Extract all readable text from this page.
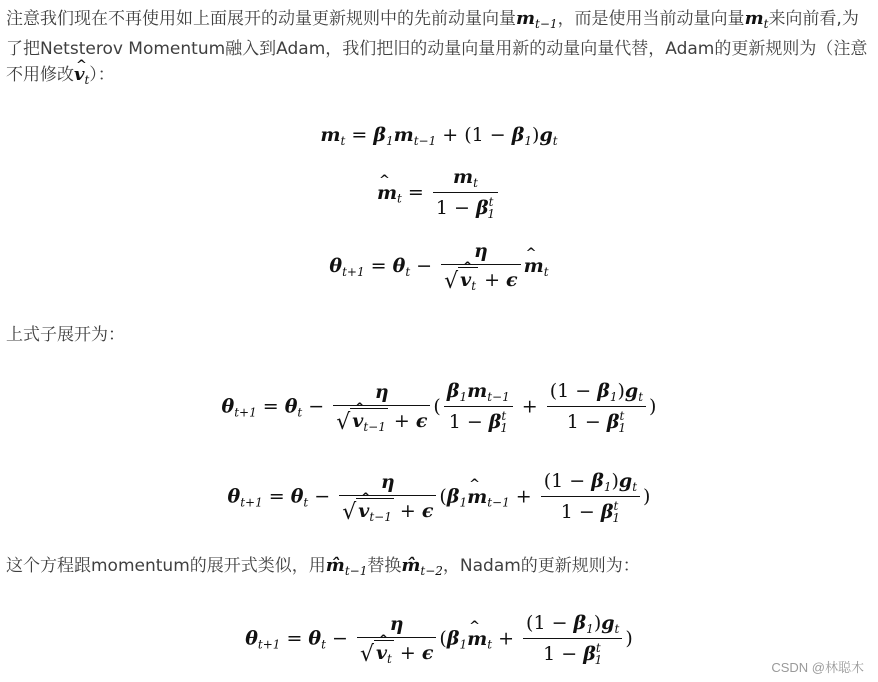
注意我们现在不再使用如上面展开的动量更新规则中的先前动量向量$m_{t-1}$，而是使用当前动量向量$m_t$来向前看,为了把Netsterov Momentum融入到Adam，我们把旧的动量向量用新的动量向量代替，Adam的更新规则为（注意不用修改^ $v_t$）：
$m_t = \beta_1m_{t-1} + (1 - \beta_1)g_t$
^ $m_t = \frac{m_t}{1 - \beta^t_1}$
$\theta_{t+1} = \theta_t - \frac{\eta}{√ \^{} v_t + \epsilon}$ ^ $m_t$
上式子展开为：
$\theta_{t+1} = \theta_t - \frac{\eta}{√ \^{} v_{t-1} + \epsilon}$ ( $\frac{\beta_1m_{t-1}}{1 - \beta^t_1} + \frac{(1 - \beta_1)g_t}{1 - \beta^t_1}$ )
$\theta_{t+1} = \theta_t - \frac{\eta}{√ \^{} v_{t-1} + \epsilon}$ ($\beta_1\^{}$ $m_{t-1} + \frac{(1 - \beta_1)g_t}{1 - \beta^t_1}$ )
这个方程跟momentum的展开式类似，用$m̂_{t-1}$替换$m̂_{t-2}$，Nadam的更新规则为：
$\theta_{t+1} = \theta_t - \frac{\eta}{√ \^{} v_t + \epsilon}$ ($\beta_1\^{}$ $m_t + \frac{(1 - \beta_1)g_t}{1 - \beta^t_1}$ )
CSDN @林聪木
